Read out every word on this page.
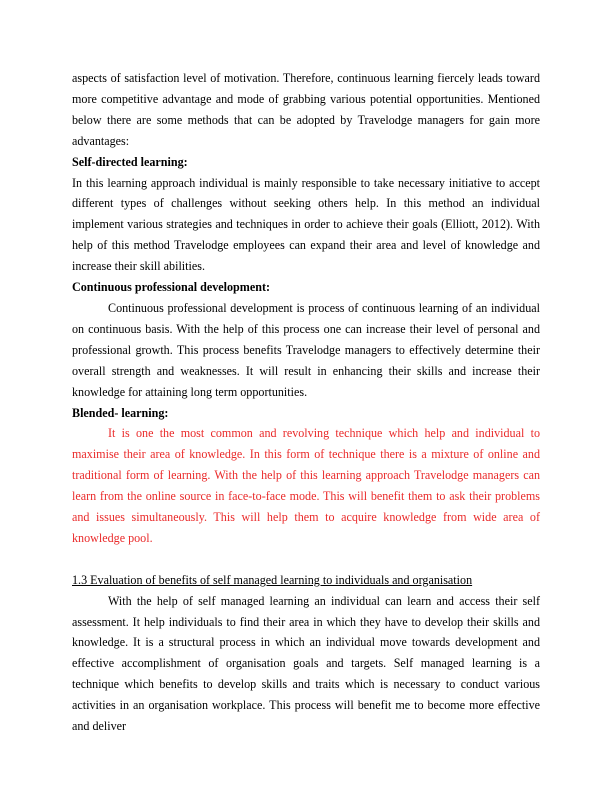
aspects of satisfaction level of motivation. Therefore, continuous learning fiercely leads toward more competitive advantage and mode of grabbing various potential opportunities. Mentioned below there are some methods that can be adopted by Travelodge managers for gain more advantages:

Self-directed learning:

In this learning approach individual is mainly responsible to take necessary initiative to accept different types of challenges without seeking others help. In this method an individual implement various strategies and techniques in order to achieve their goals (Elliott, 2012). With help of this method Travelodge employees can expand their area and level of knowledge and increase their skill abilities.

Continuous professional development:

Continuous professional development is process of continuous learning of an individual on continuous basis. With the help of this process one can increase their level of personal and professional growth. This process benefits Travelodge managers to effectively determine their overall strength and weaknesses. It will result in enhancing their skills and increase their knowledge for attaining long term opportunities.

Blended- learning:

It is one the most common and revolving technique which help and individual to maximise their area of knowledge. In this form of technique there is a mixture of online and traditional form of learning. With the help of this learning approach Travelodge managers can learn from the online source in face-to-face mode. This will benefit them to ask their problems and issues simultaneously. This will help them to acquire knowledge from wide area of knowledge pool.

1.3 Evaluation of benefits of self managed learning to individuals and organisation

With the help of self managed learning an individual can learn and access their self assessment. It help individuals to find their area in which they have to develop their skills and knowledge. It is a structural process in which an individual move towards development and effective accomplishment of organisation goals and targets. Self managed learning is a technique which benefits to develop skills and traits which is necessary to conduct various activities in an organisation workplace. This process will benefit me to become more effective and deliver
